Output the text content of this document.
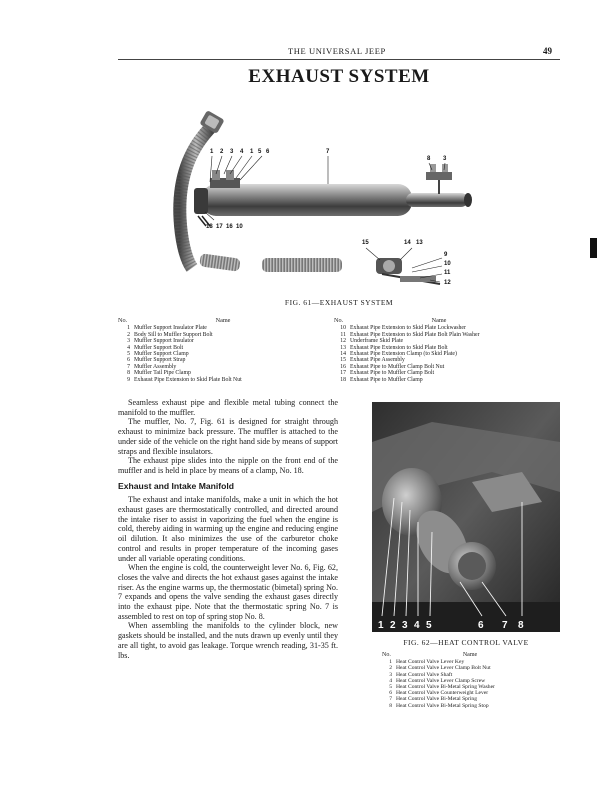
THE UNIVERSAL JEEP	49
EXHAUST SYSTEM
1 2 3 4 1 5 6	7
8 3
18 17 16 10
15	14 13
9
10
11
12
FIG. 61—EXHAUST SYSTEM
No.	Name
1 Muffler Support Insulator Plate
2 Body Sill to Muffler Support Bolt
3 Muffler Support Insulator
4 Muffler Support Bolt
5 Muffler Support Clamp
6 Muffler Support Strap
7 Muffler Assembly
8 Muffler Tail Pipe Clamp
9 Exhaust Pipe Extension to Skid Plate Bolt Nut
No.	Name
10 Exhaust Pipe Extension to Skid Plate Lockwasher
11 Exhaust Pipe Extension to Skid Plate Bolt Plain Washer
12 Underframe Skid Plate
13 Exhaust Pipe Extension to Skid Plate Bolt
14 Exhaust Pipe Extension Clamp (to Skid Plate)
15 Exhaust Pipe Assembly
16 Exhaust Pipe to Muffler Clamp Bolt Nut
17 Exhaust Pipe to Muffler Clamp Bolt
18 Exhaust Pipe to Muffler Clamp

Seamless exhaust pipe and flexible metal tubing connect the manifold to the muffler.

The muffler, No. 7, Fig. 61 is designed for straight through exhaust to minimize back pressure. The muffler is attached to the under side of the vehicle on the right hand side by means of support straps and flexible insulators.

The exhaust pipe slides into the nipple on the front end of the muffler and is held in place by means of a clamp, No. 18.

Exhaust and Intake Manifold

The exhaust and intake manifolds, make a unit in which the hot exhaust gases are thermostatically controlled, and directed around the intake riser to assist in vaporizing the fuel when the engine is cold, thereby aiding in warming up the engine and reducing engine oil dilution. It also minimizes the use of the carburetor choke control and results in proper temperature of the incoming gases under all variable operating conditions.

When the engine is cold, the counterweight lever No. 6, Fig. 62, closes the valve and directs the hot exhaust gases against the intake riser. As the engine warms up, the thermostatic (bimetal) spring No. 7 expands and opens the valve sending the exhaust gases directly into the exhaust pipe. Note that the thermostatic spring No. 7 is assembled to rest on top of spring stop No. 8.

When assembling the manifolds to the cylinder block, new gaskets should be installed, and the nuts drawn up evenly until they are all tight, to avoid gas leakage. Torque wrench reading, 31-35 ft. lbs.

1 2 3 4 5	6 7 8
FIG. 62—HEAT CONTROL VALVE
No.	Name
1 Heat Control Valve Lever Key
2 Heat Control Valve Lever Clamp Bolt Nut
3 Heat Control Valve Shaft
4 Heat Control Valve Lever Clamp Screw
5 Heat Control Valve Bi-Metal Spring Washer
6 Heat Control Valve Counterweight Lever
7 Heat Control Valve Bi-Metal Spring
8 Heat Control Valve Bi-Metal Spring Stop
